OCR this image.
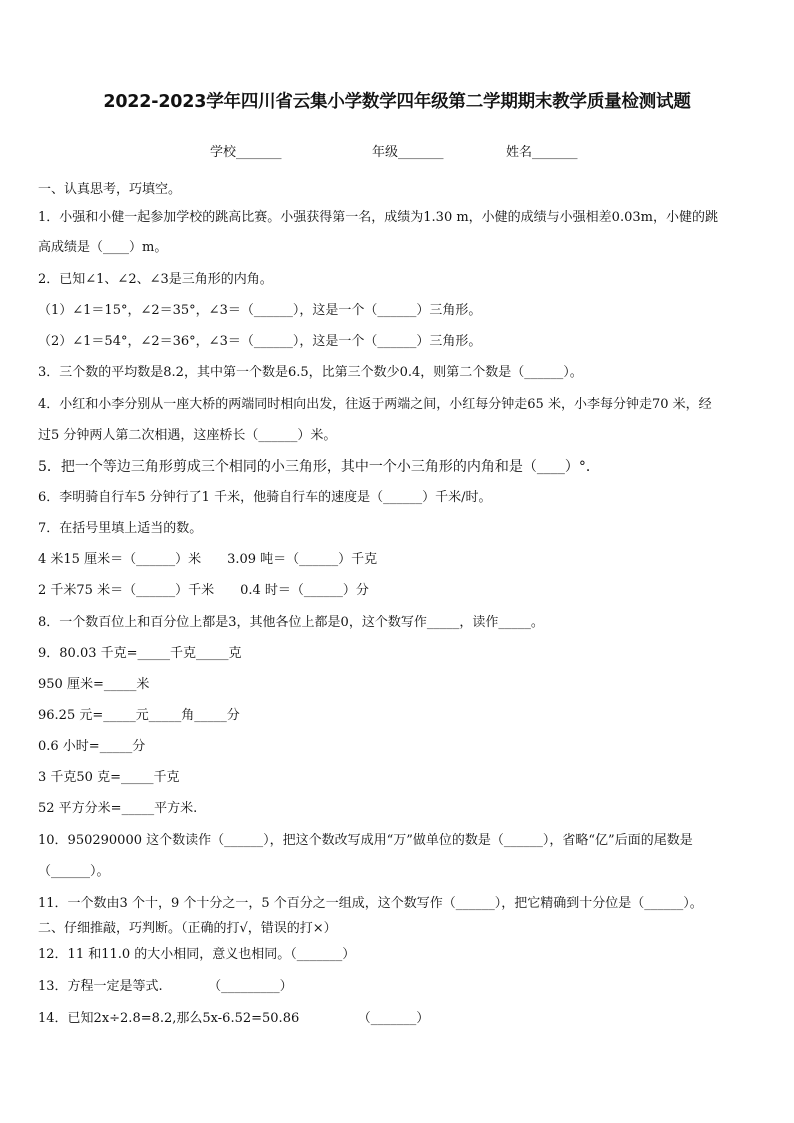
2022-2023学年四川省云集小学数学四年级第二学期期末教学质量检测试题
学校_______	年级_______	姓名_______
一、认真思考，巧填空。
1．小强和小健一起参加学校的跳高比赛。小强获得第一名，成绩为1.30 m，小健的成绩与小强相差0.03m，小健的跳
高成绩是（____）m。
2．已知∠1、∠2、∠3是三角形的内角。
（1）∠1＝15°，∠2＝35°，∠3＝（______），这是一个（______）三角形。
（2）∠1＝54°，∠2＝36°，∠3＝（______），这是一个（______）三角形。
3．三个数的平均数是8.2，其中第一个数是6.5，比第三个数少0.4，则第二个数是（______）。
4．小红和小李分别从一座大桥的两端同时相向出发，往返于两端之间，小红每分钟走65 米，小李每分钟走70 米，经
过5 分钟两人第二次相遇，这座桥长（______）米。
5．把一个等边三角形剪成三个相同的小三角形，其中一个小三角形的内角和是（____）°．
6．李明骑自行车5 分钟行了1 千米，他骑自行车的速度是（______）千米/时。
7．在括号里填上适当的数。
4 米15 厘米＝（______）米　　3.09 吨＝（______）千克
2 千米75 米＝（______）千米　　0.4 时＝（______）分
8．一个数百位上和百分位上都是3，其他各位上都是0，这个数写作_____，读作_____。
9．80.03 千克=_____千克_____克
950 厘米=_____米
96.25 元=_____元_____角_____分
0.6 小时=_____分
3 千克50 克=_____千克
52 平方分米=_____平方米.
10．950290000 这个数读作（______），把这个数改写成用“万”做单位的数是（______），省略“亿”后面的尾数是
（______）。
11．一个数由3 个十，9 个十分之一，5 个百分之一组成，这个数写作（______），把它精确到十分位是（______）。
二、仔细推敲，巧判断。（正确的打√，错误的打×）
12．11 和11.0 的大小相同，意义也相同。（_______）
13．方程一定是等式.　　　　（_________）
14．已知2x÷2.8=8.2,那么5x-6.52=50.86　　　　　（_______）
